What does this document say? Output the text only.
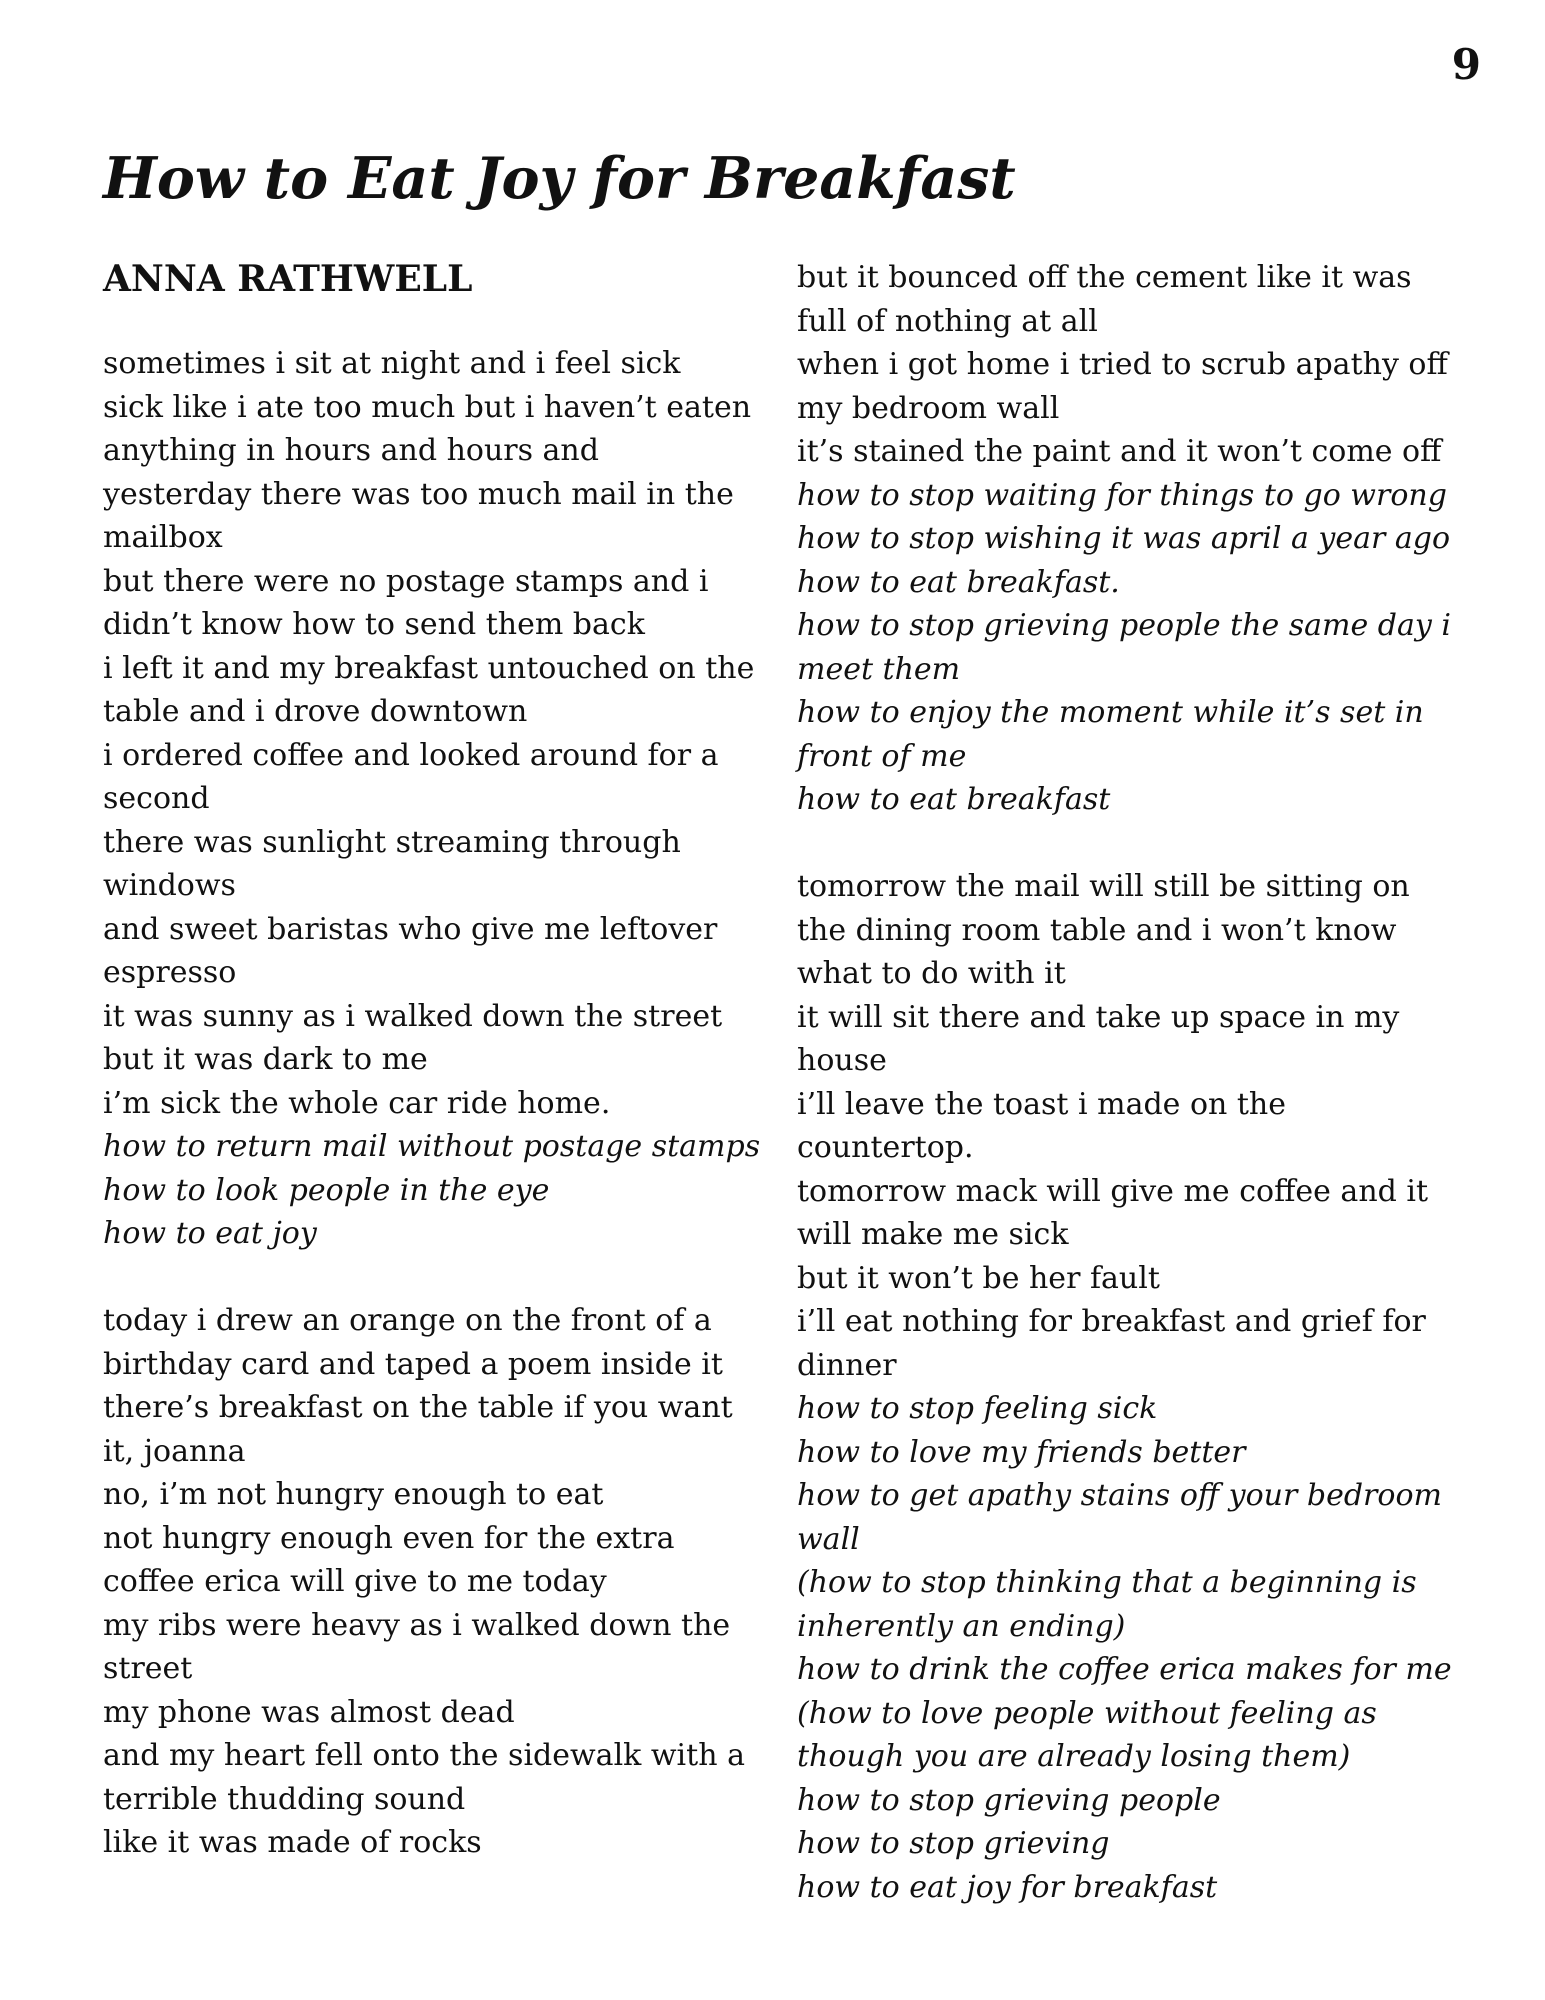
9
How to Eat Joy for Breakfast
ANNA RATHWELL
sometimes i sit at night and i feel sick
sick like i ate too much but i haven’t eaten
anything in hours and hours and
yesterday there was too much mail in the
mailbox
but there were no postage stamps and i
didn’t know how to send them back
i left it and my breakfast untouched on the
table and i drove downtown
i ordered coffee and looked around for a
second
there was sunlight streaming through
windows
and sweet baristas who give me leftover
espresso
it was sunny as i walked down the street
but it was dark to me
i’m sick the whole car ride home.
how to return mail without postage stamps
how to look people in the eye
how to eat joy
today i drew an orange on the front of a
birthday card and taped a poem inside it
there’s breakfast on the table if you want
it, joanna
no, i’m not hungry enough to eat
not hungry enough even for the extra
coffee erica will give to me today
my ribs were heavy as i walked down the
street
my phone was almost dead
and my heart fell onto the sidewalk with a
terrible thudding sound
like it was made of rocks
but it bounced off the cement like it was
full of nothing at all
when i got home i tried to scrub apathy off
my bedroom wall
it’s stained the paint and it won’t come off
how to stop waiting for things to go wrong
how to stop wishing it was april a year ago
how to eat breakfast.
how to stop grieving people the same day i
meet them
how to enjoy the moment while it’s set in
front of me
how to eat breakfast
tomorrow the mail will still be sitting on
the dining room table and i won’t know
what to do with it
it will sit there and take up space in my
house
i’ll leave the toast i made on the
countertop.
tomorrow mack will give me coffee and it
will make me sick
but it won’t be her fault
i’ll eat nothing for breakfast and grief for
dinner
how to stop feeling sick
how to love my friends better
how to get apathy stains off your bedroom
wall
(how to stop thinking that a beginning is
inherently an ending)
how to drink the coffee erica makes for me
(how to love people without feeling as
though you are already losing them)
how to stop grieving people
how to stop grieving
how to eat joy for breakfast
